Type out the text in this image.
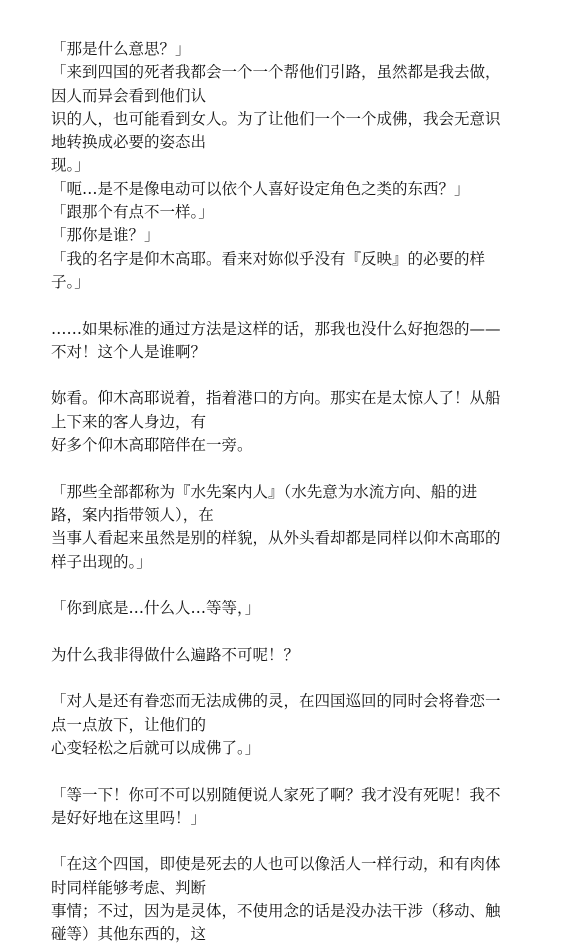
「那是什么意思？」
「来到四国的死者我都会一个一个帮他们引路，虽然都是我去做，
因人而异会看到他们认
识的人，也可能看到女人。为了让他们一个一个成佛，我会无意识
地转换成必要的姿态出
现。」
「呃…是不是像电动可以依个人喜好设定角色之类的东西？」
「跟那个有点不一样。」
「那你是谁？」
「我的名字是仰木高耶。看来对妳似乎没有『反映』的必要的样
子。」
……如果标准的通过方法是这样的话，那我也没什么好抱怨的——
不对！这个人是谁啊？
妳看。仰木高耶说着，指着港口的方向。那实在是太惊人了！从船
上下来的客人身边，有
好多个仰木高耶陪伴在一旁。
「那些全部都称为『水先案内人』（水先意为水流方向、船的进
路，案内指带领人），在
当事人看起来虽然是别的样貌，从外头看却都是同样以仰木高耶的
样子出现的。」
「你到底是…什么人…等等，」
为什么我非得做什么遍路不可呢！？
「对人是还有眷恋而无法成佛的灵，在四国巡回的同时会将眷恋一
点一点放下，让他们的
心变轻松之后就可以成佛了。」
「等一下！你可不可以别随便说人家死了啊？我才没有死呢！我不
是好好地在这里吗！」
「在这个四国，即使是死去的人也可以像活人一样行动，和有肉体
时同样能够考虑、判断
事情；不过，因为是灵体，不使用念的话是没办法干涉（移动、触
碰等）其他东西的，这
